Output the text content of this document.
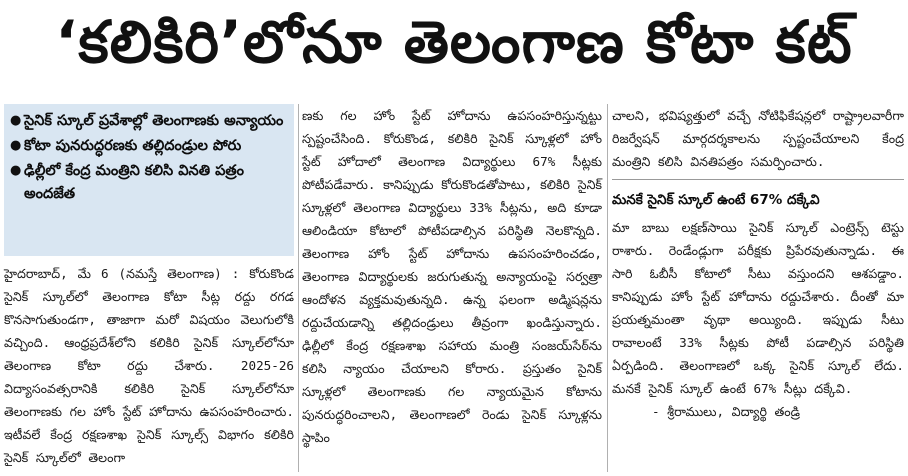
‘కలికిరి’లోనూ తెలంగాణ కోటా కట్
● సైనిక్‌ స్కూల్‌ ప్రవేశాల్లో తెలంగాణకు అన్యాయం
● కోటా పునరుద్ధరణకు తల్లిదండ్రుల పోరు
● ఢిల్లీలో కేంద్ర మంత్రిని కలిసి వినతి పత్రం అందజేత

హైదరాబాద్‌, మే 6 (నమస్తే తెలంగాణ) : కోరుకొండ సైనిక్‌ స్కూల్‌లో తెలంగాణ కోటా సీట్ల రద్దు రగడ కొనసాగుతుండగా, తాజాగా మరో విషయం వెలుగులోకి వచ్చింది. ఆంధ్రప్రదేశ్‌లోని కలికిరి సైనిక్‌ స్కూల్‌లోనూ తెలంగాణ కోటా రద్దు చేశారు. 2025-26 విద్యాసంవత్సరానికి కలికిరి సైనిక్‌ స్కూల్‌లోనూ తెలంగాణకు గల హోం స్టేట్‌ హోదాను ఉపసంహరించారు. ఇటీవలే కేంద్ర రక్షణశాఖ సైనిక్‌ స్కూల్స్‌ విభాగం కలికిరి సైనిక్‌ స్కూల్‌లో తెలంగా

ణకు గల హోం స్టేట్‌ హోదాను ఉపసంహరిస్తున్నట్టు స్పష్టంచేసింది. కోరుకొండ, కలికిరి సైనిక్‌ స్కూళ్లలో హోం స్టేట్‌ హోదాలో తెలంగాణ విద్యార్థులు 67% సీట్లకు పోటీపడేవారు. కానిప్పుడు కోరుకొండతోపాటు, కలికిరి సైనిక్‌ స్కూళ్లలో తెలంగాణ విద్యార్థులు 33% సీట్లను, అది కూడా ఆలిండియా కోటాలో పోటీపడాల్సిన పరిస్థితి నెలకొన్నది. తెలంగాణ హోం స్టేట్‌ హోదాను ఉపసంహరించడం, తెలంగాణ విద్యార్థులకు జరుగుతున్న అన్యాయంపై సర్వత్రా ఆందోళన వ్యక్తమవుతున్నది. ఉన్న ఫలంగా అడ్మిషన్లను రద్దుచేయడాన్ని తల్లిదండ్రులు తీవ్రంగా ఖండిస్తున్నారు. ఢిల్లీలో కేంద్ర రక్షణశాఖ సహాయ మంత్రి సంజయ్‌సేఠ్‌ను కలిసి న్యాయం చేయాలని కోరారు. ప్రస్తుతం సైనిక్‌ స్కూళ్లలో తెలంగాణకు గల న్యాయమైన కోటాను పునరుద్ధరించాలని, తెలంగాణలో రెండు సైనిక్‌ స్కూళ్లను స్థాపిం

చాలని, భవిష్యత్తులో వచ్చే నోటిఫికేషన్లలో రాష్ట్రాలవారీగా రిజర్వేషన్‌ మార్గదర్శకాలను స్పష్టంచేయాలని కేంద్ర మంత్రిని కలిసి వినతిపత్రం సమర్పించారు.

మనకే సైనిక్‌ స్కూల్‌ ఉంటే 67% దక్కేవి

మా బాబు లక్షణ్‌సాయి సైనిక్‌ స్కూల్‌ ఎంట్రెన్స్‌ టెస్టు రాశారు. రెండేండ్లుగా పరీక్షకు ప్రిపేరవుతున్నాడు. ఈ సారి ఓబీసీ కోటాలో సీటు వస్తుందని ఆశపడ్డాం. కానిప్పుడు హోం స్టేట్‌ హోదాను రద్దుచేశారు. దీంతో మా ప్రయత్నమంతా వృథా అయ్యింది. ఇప్పుడు సీటు రావాలంటే 33% సీట్లకు పోటీ పడాల్సిన పరిస్థితి ఏర్పడింది. తెలంగాణలో ఒక్క సైనిక్‌ స్కూల్‌ లేదు. మనకే సైనిక్‌ స్కూల్‌ ఉంటే 67% సీట్లు దక్కేవి.

- శ్రీరాములు, విద్యార్థి తండ్రి
